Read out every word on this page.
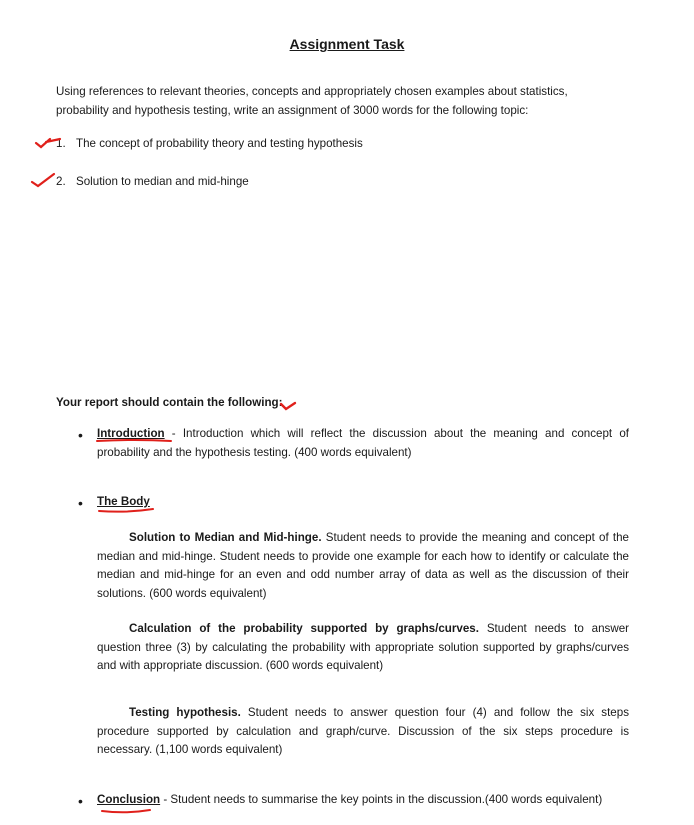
Assignment Task
Using references to relevant theories, concepts and appropriately chosen examples about statistics, probability and hypothesis testing, write an assignment of 3000 words for the following topic:
1. The concept of probability theory and testing hypothesis
2. Solution to median and mid-hinge
Your report should contain the following:
• Introduction - Introduction which will reflect the discussion about the meaning and concept of probability and the hypothesis testing. (400 words equivalent)
• The Body
Solution to Median and Mid-hinge. Student needs to provide the meaning and concept of the median and mid-hinge. Student needs to provide one example for each how to identify or calculate the median and mid-hinge for an even and odd number array of data as well as the discussion of their solutions. (600 words equivalent)
Calculation of the probability supported by graphs/curves. Student needs to answer question three (3) by calculating the probability with appropriate solution supported by graphs/curves and with appropriate discussion. (600 words equivalent)
Testing hypothesis. Student needs to answer question four (4) and follow the six steps procedure supported by calculation and graph/curve. Discussion of the six steps procedure is necessary. (1,100 words equivalent)
• Conclusion - Student needs to summarise the key points in the discussion.(400 words equivalent)
